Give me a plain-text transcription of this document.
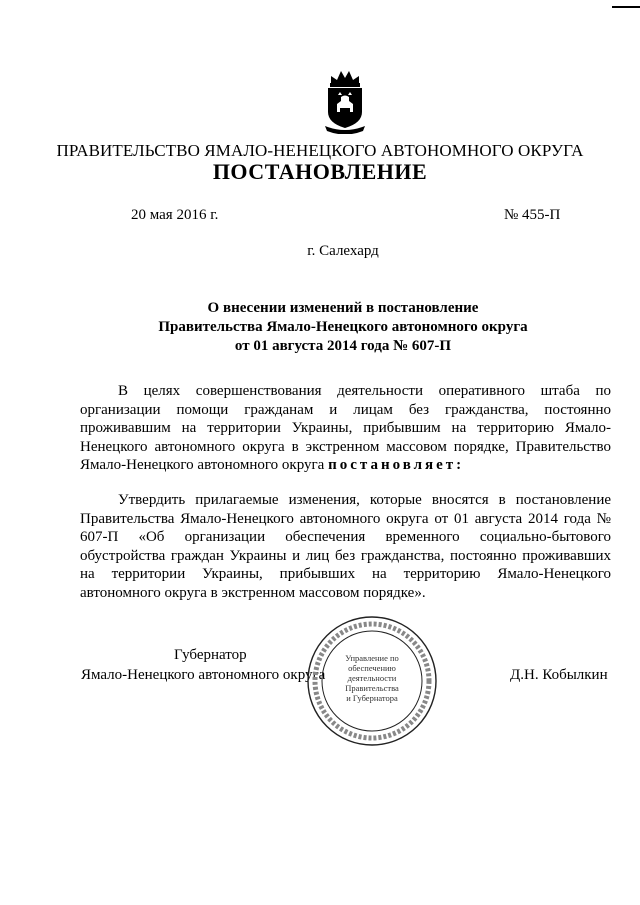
ПРАВИТЕЛЬСТВО ЯМАЛО-НЕНЕЦКОГО АВТОНОМНОГО ОКРУГА
ПОСТАНОВЛЕНИЕ
20 мая 2016 г.	№ 455-П
г. Салехард
О внесении изменений в постановление
Правительства Ямало-Ненецкого автономного округа
от 01 августа 2014 года № 607-П

В целях совершенствования деятельности оперативного штаба по организации помощи гражданам и лицам без гражданства, постоянно проживавшим на территории Украины, прибывшим на территорию Ямало-Ненецкого автономного округа в экстренном массовом порядке, Правительство Ямало-Ненецкого автономного округа постановляет:

Утвердить прилагаемые изменения, которые вносятся в постановление Правительства Ямало-Ненецкого автономного округа от 01 августа 2014 года № 607-П «Об организации обеспечения временного социально-бытового обустройства граждан Украины и лиц без гражданства, постоянно проживавших на территории Украины, прибывших на территорию Ямало-Ненецкого автономного округа в экстренном массовом порядке».

Губернатор
Ямало-Ненецкого автономного округа	Д.Н. Кобылкин
Управление по
обеспечению
деятельности
Правительства
и Губернатора
